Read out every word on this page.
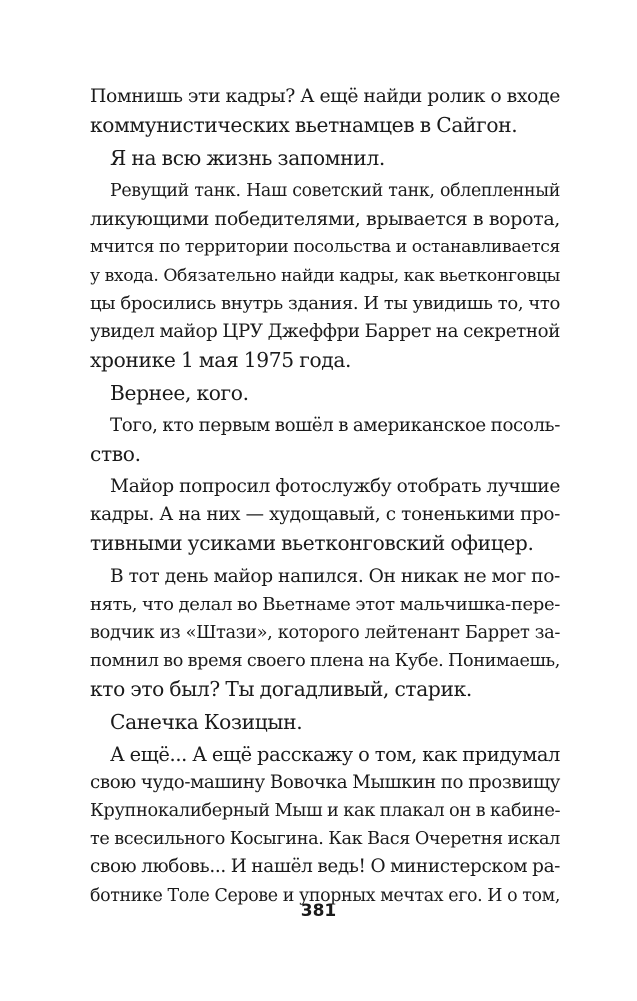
Помнишь эти кадры? А ещё найди ролик о входе
коммунистических вьетнамцев в Сайгон.
Я на всю жизнь запомнил.
Ревущий танк. Наш советский танк, облепленный
ликующими победителями, врывается в ворота,
мчится по территории посольства и останавливается
у входа. Обязательно найди кадры, как вьетконговцы
цы бросились внутрь здания. И ты увидишь то, что
увидел майор ЦРУ Джеффри Баррет на секретной
хронике 1 мая 1975 года.
Вернее, кого.
Того, кто первым вошёл в американское посоль-
ство.
Майор попросил фотослужбу отобрать лучшие
кадры. А на них — худощавый, с тоненькими про-
тивными усиками вьетконговский офицер.
В тот день майор напился. Он никак не мог по-
нять, что делал во Вьетнаме этот мальчишка-пере-
водчик из «Штази», которого лейтенант Баррет за-
помнил во время своего плена на Кубе. Понимаешь,
кто это был? Ты догадливый, старик.
Санечка Козицын.
А ещё... А ещё расскажу о том, как придумал
свою чудо-машину Вовочка Мышкин по прозвищу
Крупнокалиберный Мыш и как плакал он в кабине-
те всесильного Косыгина. Как Вася Очеретня искал
свою любовь... И нашёл ведь! О министерском ра-
ботнике Толе Серове и упорных мечтах его. И о том,
381
